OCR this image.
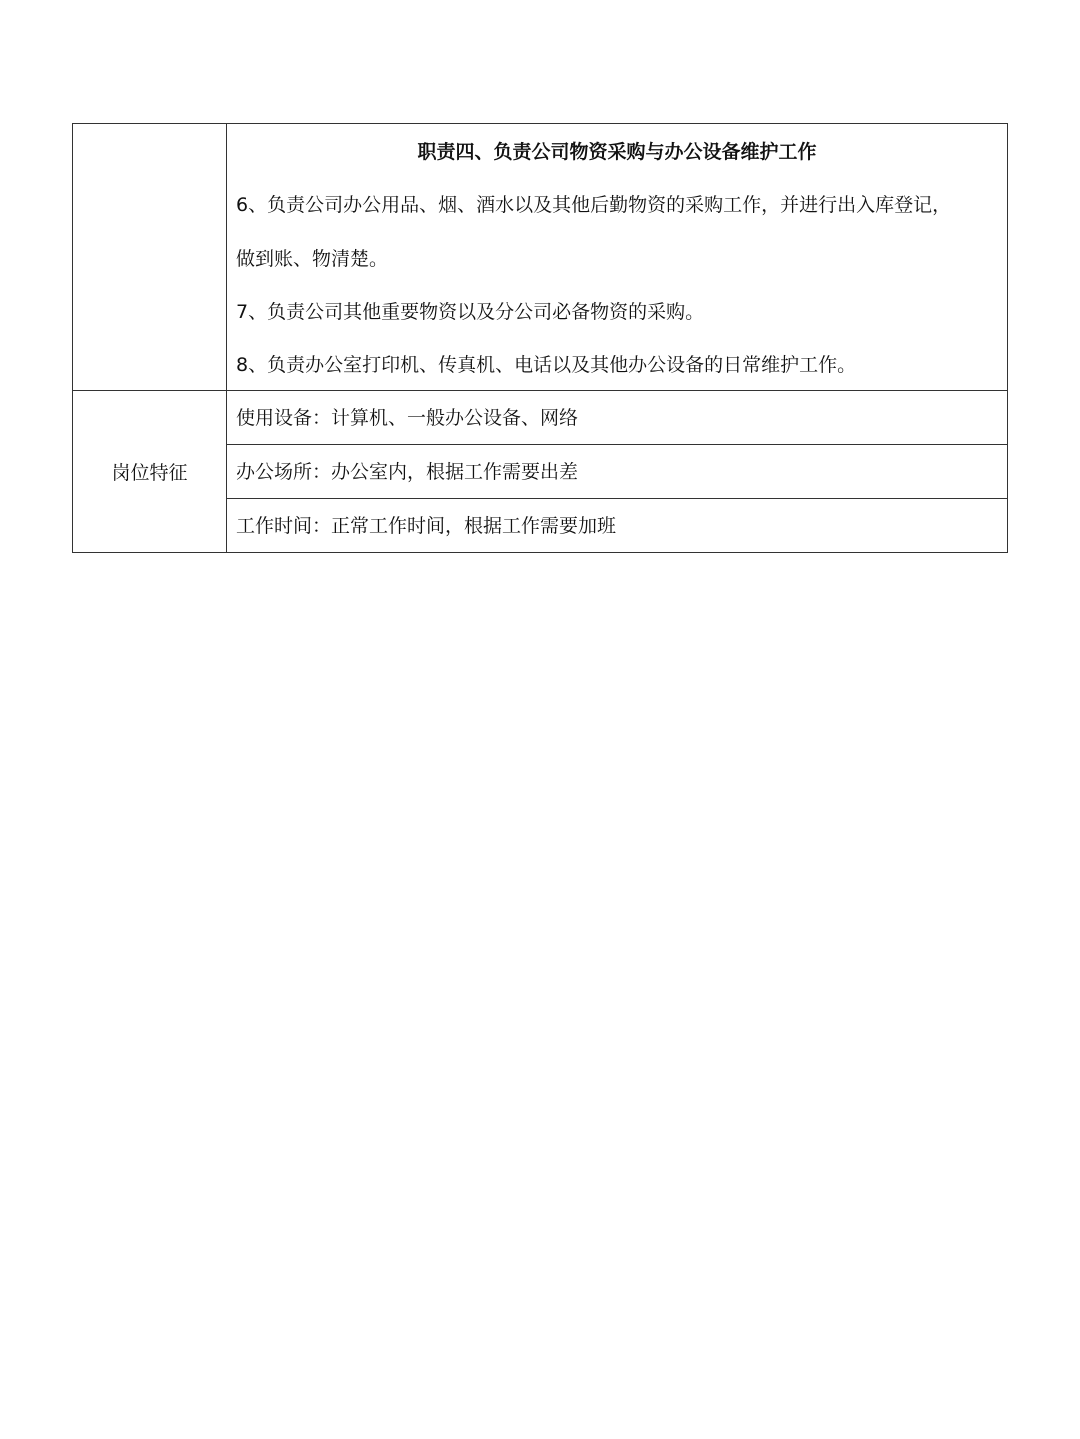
	职责四、负责公司物资采购与办公设备维护工作
6、负责公司办公用品、烟、酒水以及其他后勤物资的采购工作，并进行出入库登记，
做到账、物清楚。
7、负责公司其他重要物资以及分公司必备物资的采购。
8、负责办公室打印机、传真机、电话以及其他办公设备的日常维护工作。

岗位特征	使用设备：计算机、一般办公设备、网络
	办公场所：办公室内，根据工作需要出差
	工作时间：正常工作时间，根据工作需要加班
